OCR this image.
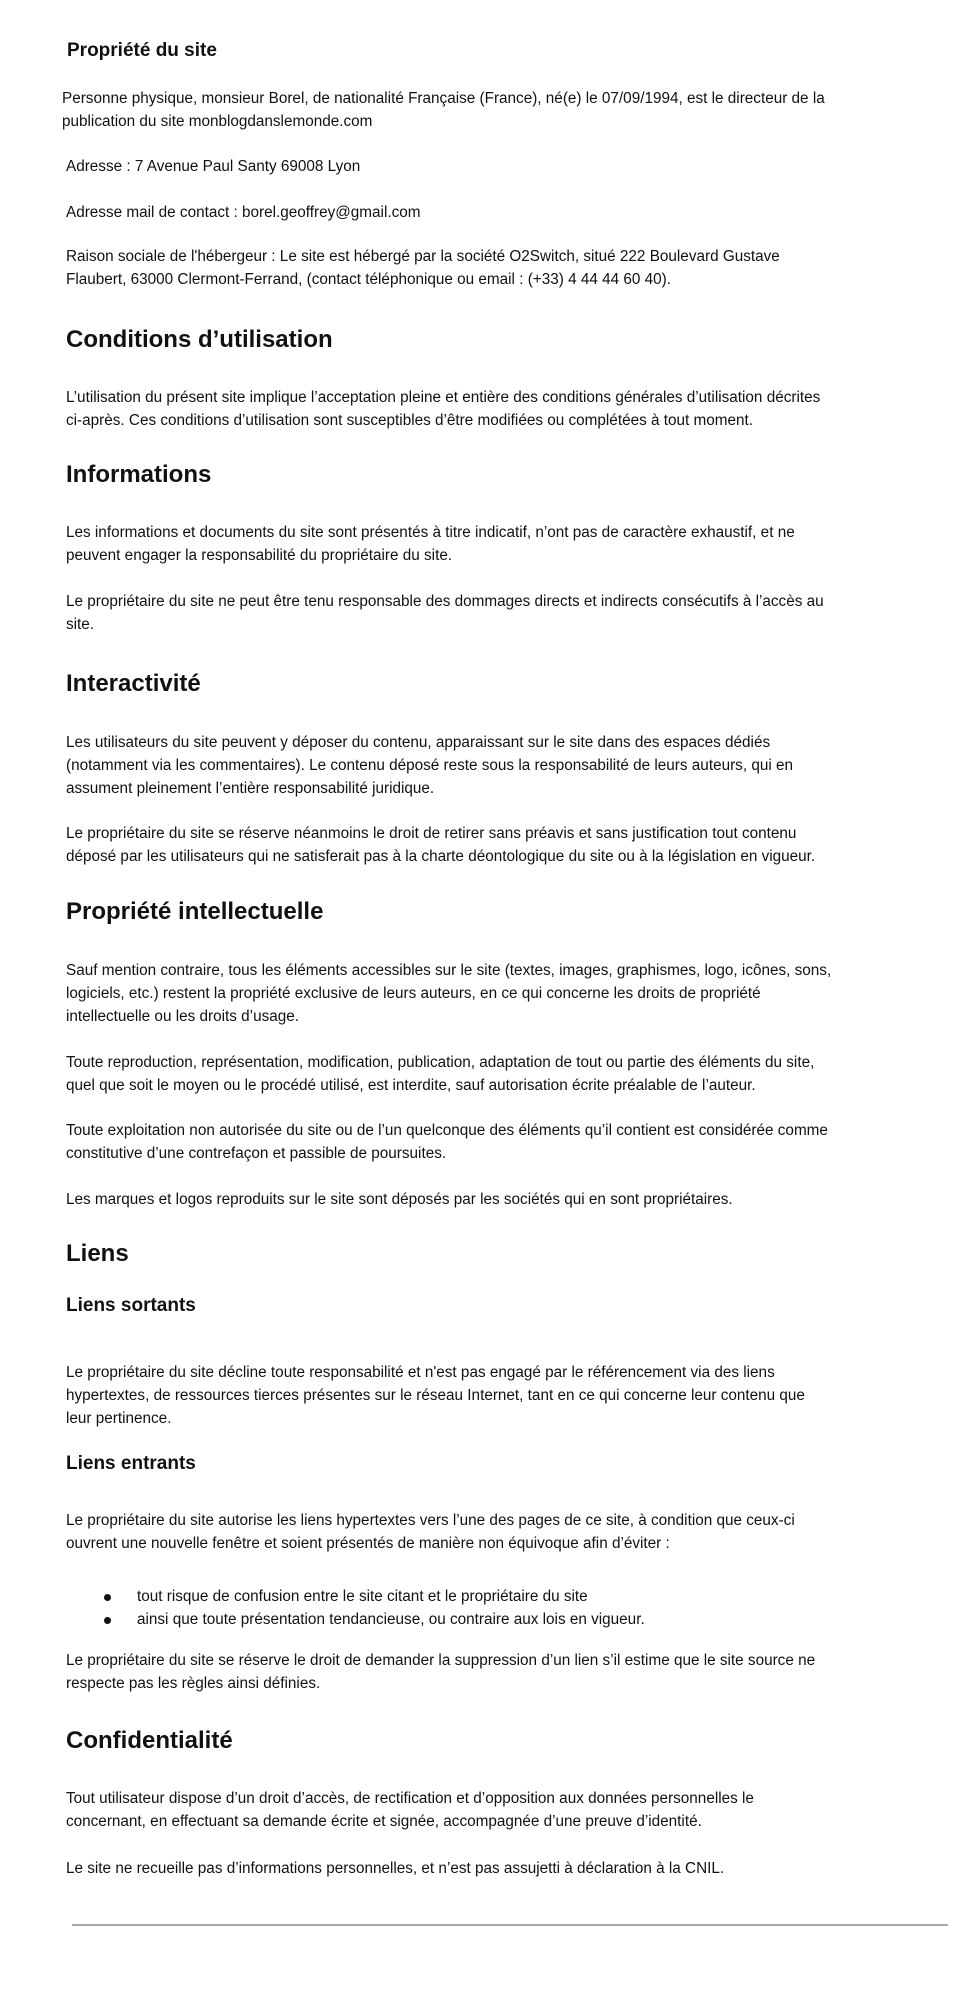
Propriété du site

Personne physique, monsieur Borel, de nationalité Française (France), né(e) le 07/09/1994, est le directeur de la
publication du site monblogdanslemonde.com

Adresse : 7 Avenue Paul Santy 69008 Lyon

Adresse mail de contact : borel.geoffrey@gmail.com

Raison sociale de l'hébergeur : Le site est hébergé par la société O2Switch, situé 222 Boulevard Gustave
Flaubert, 63000 Clermont-Ferrand, (contact téléphonique ou email : (+33) 4 44 44 60 40).

Conditions d’utilisation

L’utilisation du présent site implique l’acceptation pleine et entière des conditions générales d’utilisation décrites
ci-après. Ces conditions d’utilisation sont susceptibles d’être modifiées ou complétées à tout moment.

Informations

Les informations et documents du site sont présentés à titre indicatif, n’ont pas de caractère exhaustif, et ne
peuvent engager la responsabilité du propriétaire du site.

Le propriétaire du site ne peut être tenu responsable des dommages directs et indirects consécutifs à l’accès au
site.

Interactivité

Les utilisateurs du site peuvent y déposer du contenu, apparaissant sur le site dans des espaces dédiés
(notamment via les commentaires). Le contenu déposé reste sous la responsabilité de leurs auteurs, qui en
assument pleinement l’entière responsabilité juridique.

Le propriétaire du site se réserve néanmoins le droit de retirer sans préavis et sans justification tout contenu
déposé par les utilisateurs qui ne satisferait pas à la charte déontologique du site ou à la législation en vigueur.

Propriété intellectuelle

Sauf mention contraire, tous les éléments accessibles sur le site (textes, images, graphismes, logo, icônes, sons,
logiciels, etc.) restent la propriété exclusive de leurs auteurs, en ce qui concerne les droits de propriété
intellectuelle ou les droits d’usage.

Toute reproduction, représentation, modification, publication, adaptation de tout ou partie des éléments du site,
quel que soit le moyen ou le procédé utilisé, est interdite, sauf autorisation écrite préalable de l’auteur.

Toute exploitation non autorisée du site ou de l’un quelconque des éléments qu’il contient est considérée comme
constitutive d’une contrefaçon et passible de poursuites.

Les marques et logos reproduits sur le site sont déposés par les sociétés qui en sont propriétaires.

Liens
Liens sortants

Le propriétaire du site décline toute responsabilité et n'est pas engagé par le référencement via des liens
hypertextes, de ressources tierces présentes sur le réseau Internet, tant en ce qui concerne leur contenu que
leur pertinence.

Liens entrants

Le propriétaire du site autorise les liens hypertextes vers l’une des pages de ce site, à condition que ceux-ci
ouvrent une nouvelle fenêtre et soient présentés de manière non équivoque afin d’éviter :

tout risque de confusion entre le site citant et le propriétaire du site
ainsi que toute présentation tendancieuse, ou contraire aux lois en vigueur.

Le propriétaire du site se réserve le droit de demander la suppression d’un lien s’il estime que le site source ne
respecte pas les règles ainsi définies.

Confidentialité

Tout utilisateur dispose d’un droit d’accès, de rectification et d’opposition aux données personnelles le
concernant, en effectuant sa demande écrite et signée, accompagnée d’une preuve d’identité.

Le site ne recueille pas d’informations personnelles, et n’est pas assujetti à déclaration à la CNIL.
